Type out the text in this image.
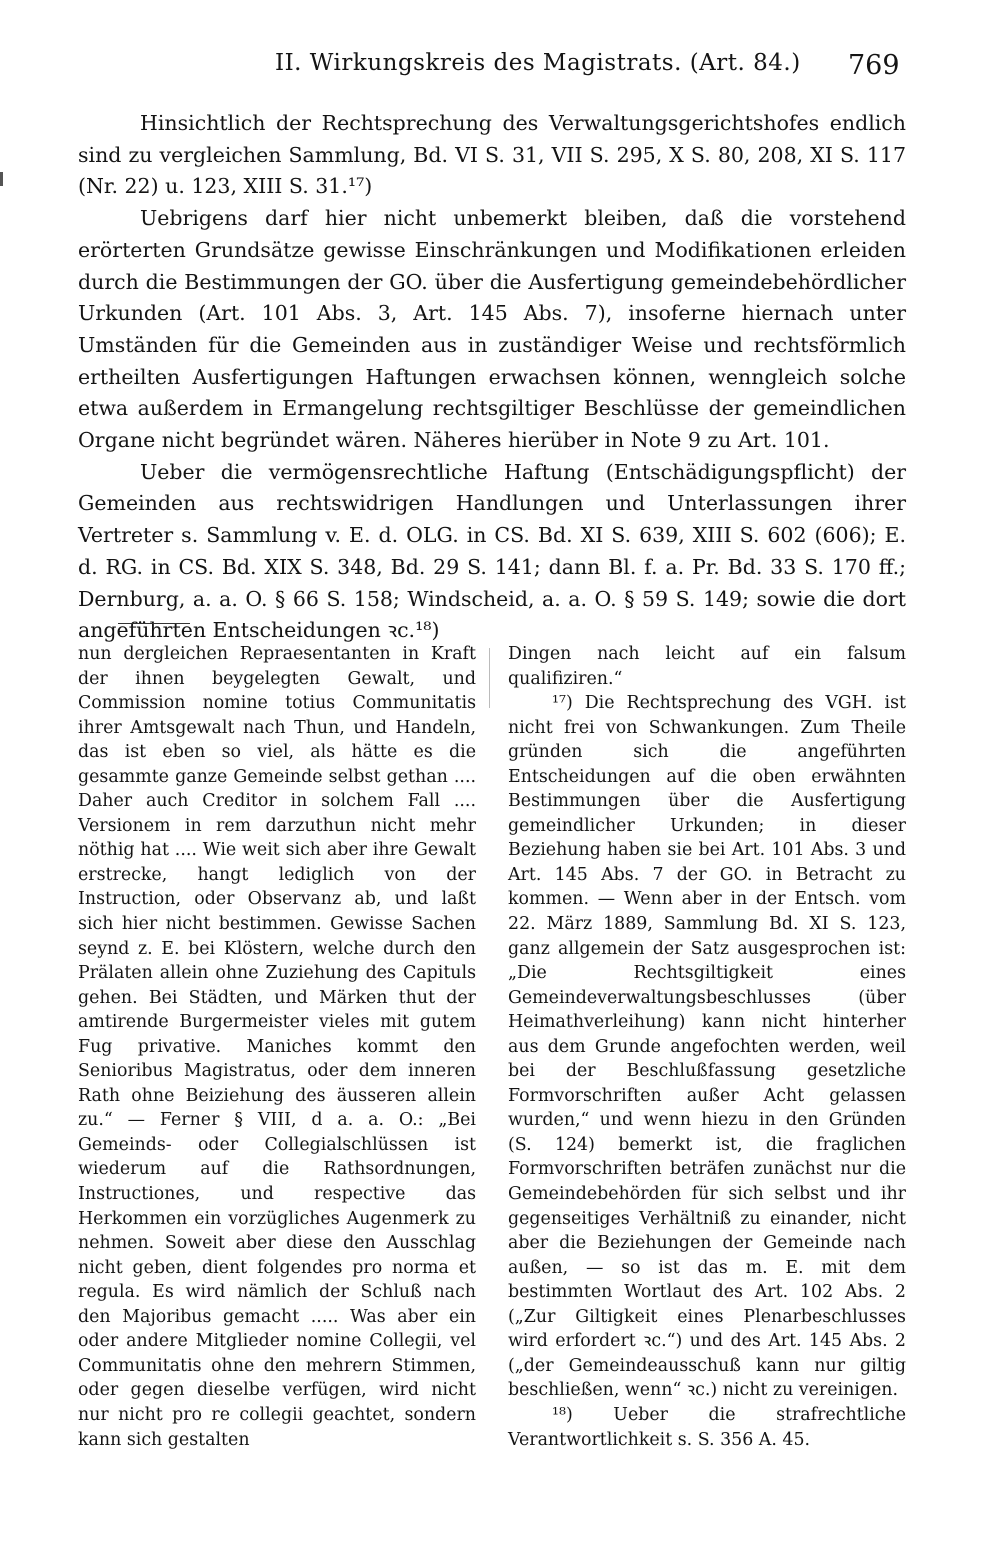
II. Wirkungskreis des Magistrats. (Art. 84.) 769

Hinsichtlich der Rechtsprechung des Verwaltungsgerichtshofes endlich sind zu vergleichen Sammlung, Bd. VI S. 31, VII S. 295, X S. 80, 208, XI S. 117 (Nr. 22) u. 123, XIII S. 31.¹⁷)

Uebrigens darf hier nicht unbemerkt bleiben, daß die vorstehend erörterten Grundsätze gewisse Einschränkungen und Modifikationen erleiden durch die Bestimmungen der GO. über die Ausfertigung gemeindebehördlicher Urkunden (Art. 101 Abs. 3, Art. 145 Abs. 7), insoferne hiernach unter Umständen für die Gemeinden aus in zuständiger Weise und rechtsförmlich ertheilten Ausfertigungen Haftungen erwachsen können, wenngleich solche etwa außerdem in Ermangelung rechtsgiltiger Beschlüsse der gemeindlichen Organe nicht begründet wären. Näheres hierüber in Note 9 zu Art. 101.

Ueber die vermögensrechtliche Haftung (Entschädigungspflicht) der Gemeinden aus rechtswidrigen Handlungen und Unterlassungen ihrer Vertreter s. Sammlung v. E. d. OLG. in CS. Bd. XI S. 639, XIII S. 602 (606); E. d. RG. in CS. Bd. XIX S. 348, Bd. 29 S. 141; dann Bl. f. a. Pr. Bd. 33 S. 170 ff.; Dernburg, a. a. O. § 66 S. 158; Windscheid, a. a. O. § 59 S. 149; sowie die dort angeführten Entscheidungen ꝛc.¹⁸)

nun dergleichen Repraesentanten in Kraft der ihnen beygelegten Gewalt, und Commission nomine totius Communitatis ihrer Amtsgewalt nach Thun, und Handeln, das ist eben so viel, als hätte es die gesammte ganze Gemeinde selbst gethan .... Daher auch Creditor in solchem Fall .... Versionem in rem darzuthun nicht mehr nöthig hat .... Wie weit sich aber ihre Gewalt erstrecke, hangt lediglich von der Instruction, oder Observanz ab, und laßt sich hier nicht bestimmen. Gewisse Sachen seynd z. E. bei Klöstern, welche durch den Prälaten allein ohne Zuziehung des Capituls gehen. Bei Städten, und Märken thut der amtirende Burgermeister vieles mit gutem Fug privative. Maniches kommt den Senioribus Magistratus, oder dem inneren Rath ohne Beiziehung des äusseren allein zu.“ — Ferner § VIII, d a. a. O.: „Bei Gemeinds- oder Collegialschlüssen ist wiederum auf die Rathsordnungen, Instructiones, und respective das Herkommen ein vorzügliches Augenmerk zu nehmen. Soweit aber diese den Ausschlag nicht geben, dient folgendes pro norma et regula. Es wird nämlich der Schluß nach den Majoribus gemacht ..... Was aber ein oder andere Mitglieder nomine Collegii, vel Communitatis ohne den mehrern Stimmen, oder gegen dieselbe verfügen, wird nicht nur nicht pro re collegii geachtet, sondern kann sich gestalten

Dingen nach leicht auf ein falsum qualifiziren.“

¹⁷) Die Rechtsprechung des VGH. ist nicht frei von Schwankungen. Zum Theile gründen sich die angeführten Entscheidungen auf die oben erwähnten Bestimmungen über die Ausfertigung gemeindlicher Urkunden; in dieser Beziehung haben sie bei Art. 101 Abs. 3 und Art. 145 Abs. 7 der GO. in Betracht zu kommen. — Wenn aber in der Entsch. vom 22. März 1889, Sammlung Bd. XI S. 123, ganz allgemein der Satz ausgesprochen ist: „Die Rechtsgiltigkeit eines Gemeindeverwaltungsbeschlusses (über Heimathverleihung) kann nicht hinterher aus dem Grunde angefochten werden, weil bei der Beschlußfassung gesetzliche Formvorschriften außer Acht gelassen wurden,“ und wenn hiezu in den Gründen (S. 124) bemerkt ist, die fraglichen Formvorschriften beträfen zunächst nur die Gemeindebehörden für sich selbst und ihr gegenseitiges Verhältniß zu einander, nicht aber die Beziehungen der Gemeinde nach außen, — so ist das m. E. mit dem bestimmten Wortlaut des Art. 102 Abs. 2 („Zur Giltigkeit eines Plenarbeschlusses wird erfordert ꝛc.“) und des Art. 145 Abs. 2 („der Gemeindeausschuß kann nur giltig beschließen, wenn“ ꝛc.) nicht zu vereinigen.

¹⁸) Ueber die strafrechtliche Verantwortlichkeit s. S. 356 A. 45.
